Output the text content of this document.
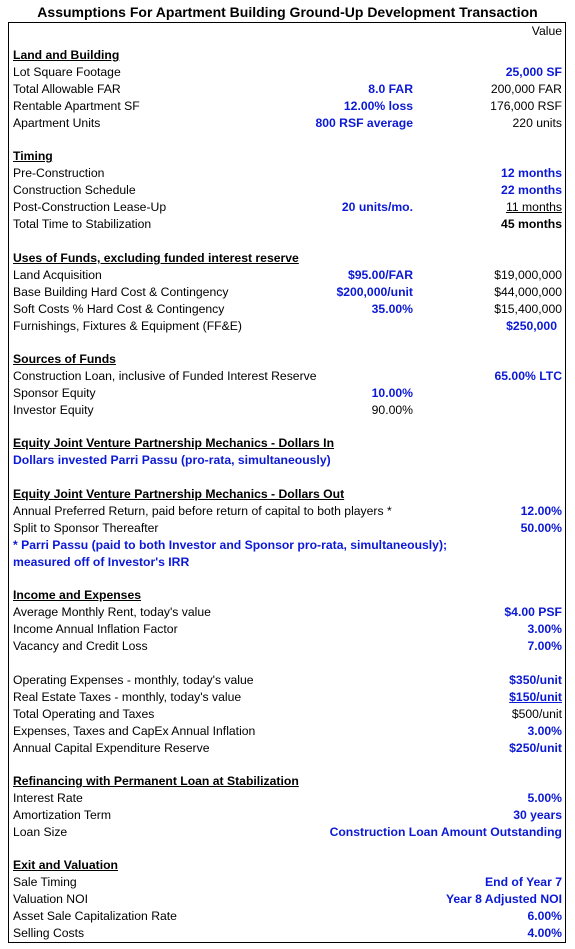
Assumptions For Apartment Building Ground-Up Development Transaction
Value
Land and Building
Lot Square Footage	25,000 SF
Total Allowable FAR	8.0 FAR	200,000 FAR
Rentable Apartment SF	12.00% loss	176,000 RSF
Apartment Units	800 RSF average	220 units
Timing
Pre-Construction	12 months
Construction Schedule	22 months
Post-Construction Lease-Up	20 units/mo.	11 months
Total Time to Stabilization	45 months
Uses of Funds, excluding funded interest reserve
Land Acquisition	$95.00/FAR	$19,000,000
Base Building Hard Cost & Contingency	$200,000/unit	$44,000,000
Soft Costs % Hard Cost & Contingency	35.00%	$15,400,000
Furnishings, Fixtures & Equipment (FF&E)	$250,000
Sources of Funds
Construction Loan, inclusive of Funded Interest Reserve	65.00% LTC
Sponsor Equity	10.00%
Investor Equity	90.00%
Equity Joint Venture Partnership Mechanics - Dollars In
Dollars invested Parri Passu (pro-rata, simultaneously)
Equity Joint Venture Partnership Mechanics - Dollars Out
Annual Preferred Return, paid before return of capital to both players *	12.00%
Split to Sponsor Thereafter	50.00%
* Parri Passu (paid to both Investor and Sponsor pro-rata, simultaneously);
measured off of Investor's IRR
Income and Expenses
Average Monthly Rent, today's value	$4.00 PSF
Income Annual Inflation Factor	3.00%
Vacancy and Credit Loss	7.00%
Operating Expenses - monthly, today's value	$350/unit
Real Estate Taxes - monthly, today's value	$150/unit
Total Operating and Taxes	$500/unit
Expenses, Taxes and CapEx Annual Inflation	3.00%
Annual Capital Expenditure Reserve	$250/unit
Refinancing with Permanent Loan at Stabilization
Interest Rate	5.00%
Amortization Term	30 years
Loan Size	Construction Loan Amount Outstanding
Exit and Valuation
Sale Timing	End of Year 7
Valuation NOI	Year 8 Adjusted NOI
Asset Sale Capitalization Rate	6.00%
Selling Costs	4.00%
